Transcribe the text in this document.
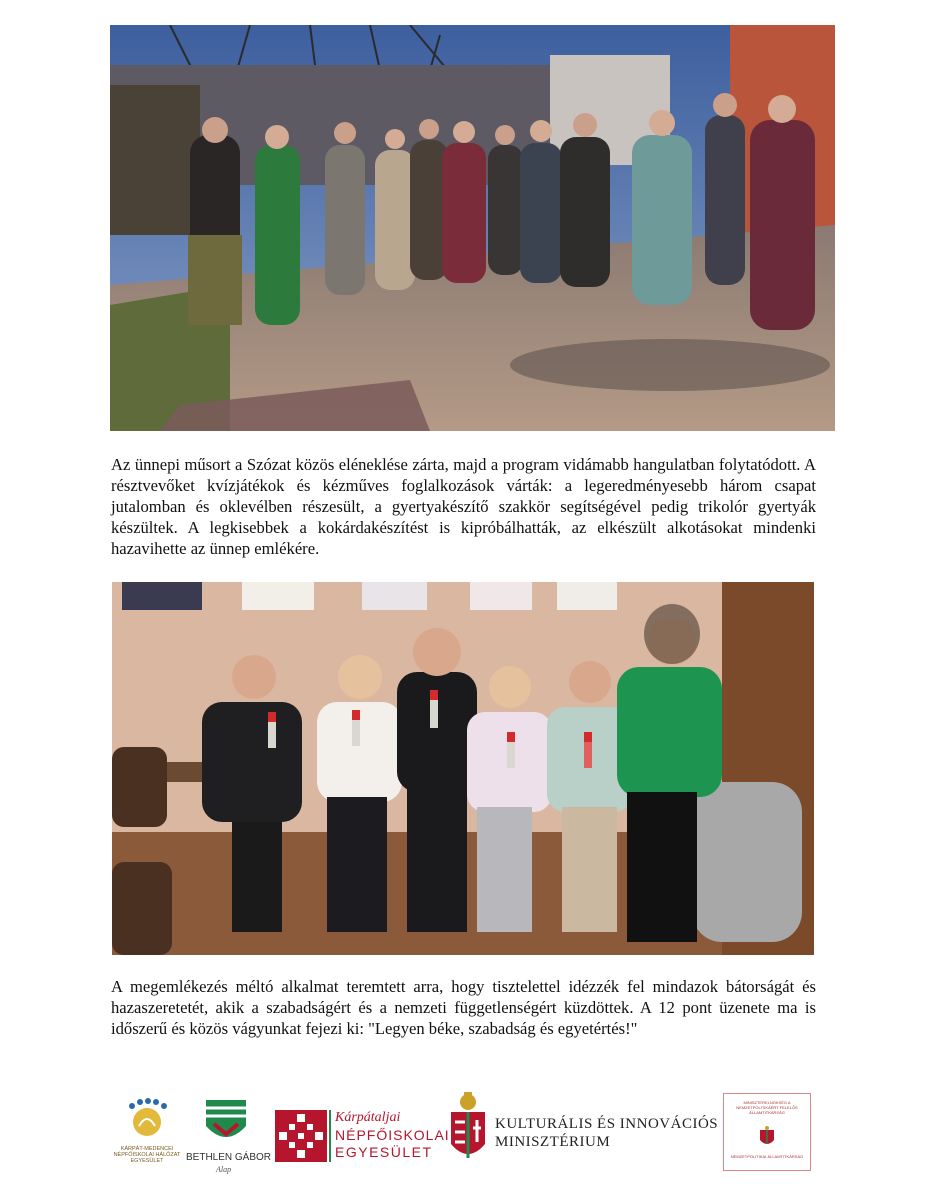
Az ünnepi műsort a Szózat közös eléneklése zárta, majd a program vidámabb hangulatban folytatódott. A résztvevőket kvízjátékok és kézműves foglalkozások várták: a legeredményesebb három csapat jutalomban és oklevélben részesült, a gyertyakészítő szakkör segítségével pedig trikolór gyertyák készültek. A legkisebbek a kokárdakészítést is kipróbálhatták, az elkészült alkotásokat mindenki hazavihette az ünnep emlékére.

A megemlékezés méltó alkalmat teremtett arra, hogy tisztelettel idézzék fel mindazok bátorságát és hazaszeretetét, akik a szabadságért és a nemzeti függetlenségért küzdöttek. A 12 pont üzenete ma is időszerű és közös vágyunkat fejezi ki: "Legyen béke, szabadság és egyetértés!"

KÁRPÁT-MEDENCEI NÉPFŐISKOLAI HÁLÓZAT EGYESÜLET	BETHLEN GÁBOR
Alap
Kárpátaljai
NÉPFŐISKOLAI
EGYESÜLET
KULTURÁLIS ÉS INNOVÁCIÓS
MINISZTÉRIUM
MINISZTERELNÖKSÉG A NEMZETPOLITIKÁÉRT FELELŐS ÁLLAMTITKÁRSÁG
NEMZETPOLITIKAI ÁLLAMTITKÁRSÁG
